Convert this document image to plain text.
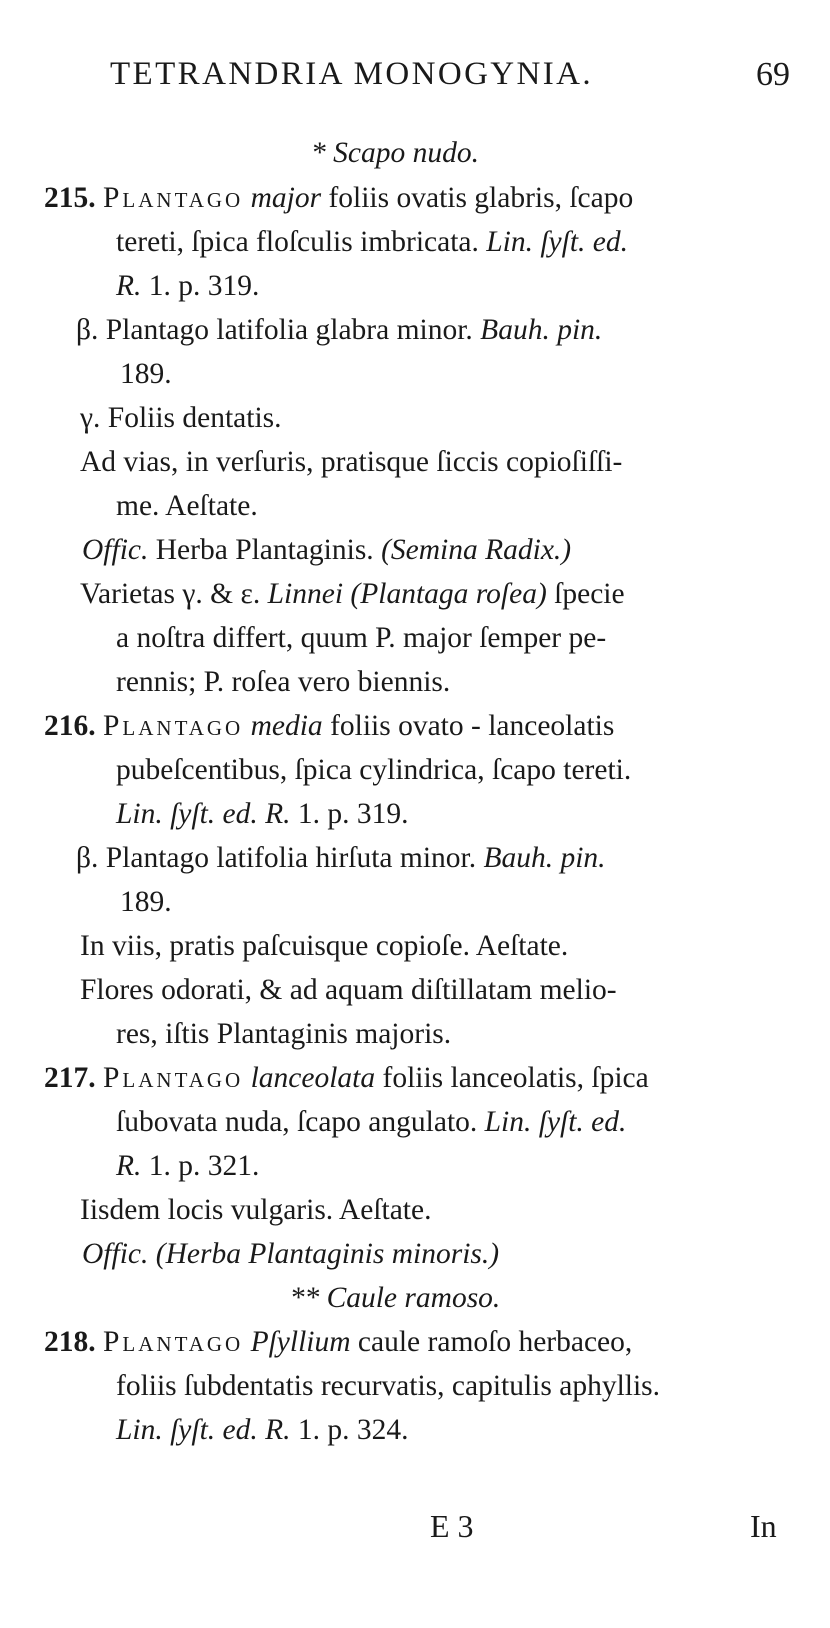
TETRANDRIA MONOGYNIA.	69
* Scapo nudo.
215. Plantago major foliis ovatis glabris, ſcapo
tereti, ſpica floſculis imbricata. Lin. ſyſt. ed.
R. 1. p. 319.
β. Plantago latifolia glabra minor. Bauh. pin.
189.
γ. Foliis dentatis.
Ad vias, in verſuris, pratisque ſiccis copioſiſſi-
me. Aeſtate.
Offic. Herba Plantaginis. (Semina Radix.)
Varietas γ. & ε. Linnei (Plantaga roſea) ſpecie
a noſtra differt, quum P. major ſemper pe-
rennis; P. roſea vero biennis.
216. Plantago media foliis ovato - lanceolatis
pubeſcentibus, ſpica cylindrica, ſcapo tereti.
Lin. ſyſt. ed. R. 1. p. 319.
β. Plantago latifolia hirſuta minor. Bauh. pin.
189.
In viis, pratis paſcuisque copioſe. Aeſtate.
Flores odorati, & ad aquam diſtillatam melio-
res, iſtis Plantaginis majoris.
217. Plantago lanceolata foliis lanceolatis, ſpica
ſubovata nuda, ſcapo angulato. Lin. ſyſt. ed.
R. 1. p. 321.
Iisdem locis vulgaris. Aeſtate.
Offic. (Herba Plantaginis minoris.)
** Caule ramoso.
218. Plantago Pſyllium caule ramoſo herbaceo,
foliis ſubdentatis recurvatis, capitulis aphyllis.
Lin. ſyſt. ed. R. 1. p. 324.
E 3	In
